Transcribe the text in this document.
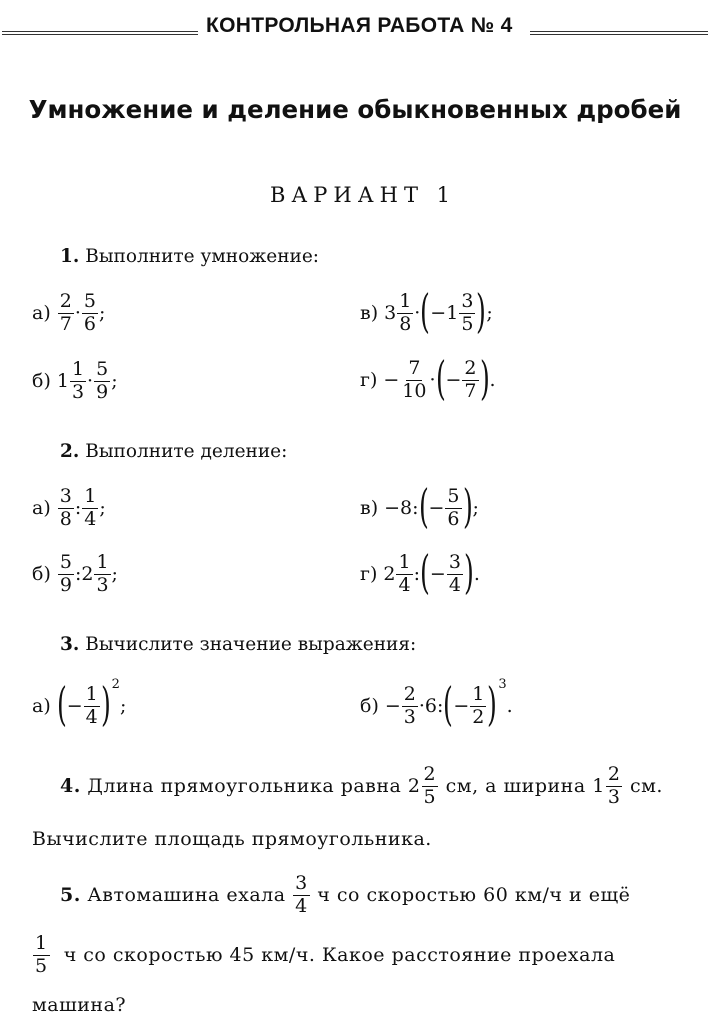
КОНТРОЛЬНАЯ РАБОТА № 4
Умножение и деление обыкновенных дробей
ВАРИАНТ 1
1. Выполните умножение:
$а) \frac{2}{7} \cdot \frac{5}{6}$ ;
б) $1 \frac{1}{3} \cdot \frac{5}{9}$ ;
в) $3 \frac{1}{8}$ · ( $-1 \frac{3}{5}$ ) ;
$г) - \frac{7}{10}$ · ( − $\frac{2}{7}$ ) .
2. Выполните деление:
$а) \frac{3}{8}$ : $\frac{1}{4}$ ;
$б) \frac{5}{9}$ : $2 \frac{1}{3}$ ;
в) −8 : ( − $\frac{5}{6}$ ) ;
г) $2 \frac{1}{4}$ : ( − $\frac{3}{4}$ ) .
3. Вычислите значение выражения:
а) ( − $\frac{1}{4}$ ) 2
;	$б) - \frac{2}{3} \cdot 6$: ( − $\frac{1}{2}$ ) 3
.
4.
Длина прямоугольника равна
$2 \frac{2}{5}$
см, а ширина
$1 \frac{2}{3}$
см.
Вычислите площадь прямоугольника.
5.
Автомашина ехала
$\frac{3}{4}$
ч со скоростью 60 км/ч и ещё
$\frac{1}{5}$
ч со скоростью 45 км/ч. Какое расстояние проехала
машина?
